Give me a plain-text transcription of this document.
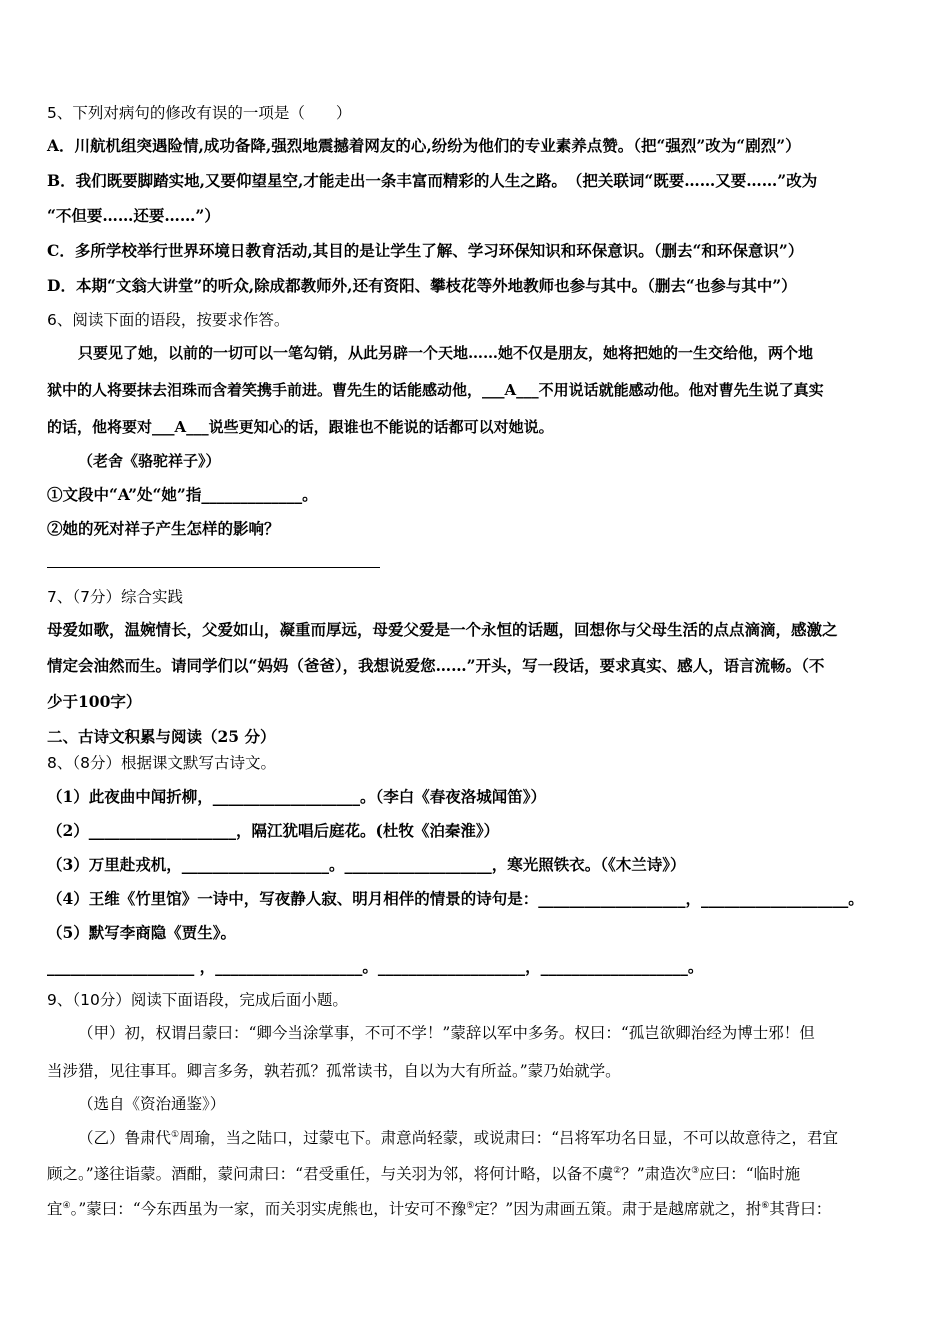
5、下列对病句的修改有误的一项是（　　）
A．川航机组突遇险情,成功备降,强烈地震撼着网友的心,纷纷为他们的专业素养点赞。（把“强烈”改为“剧烈”）
B．我们既要脚踏实地,又要仰望星空,才能走出一条丰富而精彩的人生之路。　（把关联词“既要……又要……”改为
“不但要……还要……”）
C．多所学校举行世界环境日教育活动,其目的是让学生了解、学习环保知识和环保意识。（删去“和环保意识”）
D．本期“文翁大讲堂”的听众,除成都教师外,还有资阳、攀枝花等外地教师也参与其中。（删去“也参与其中”）
6、阅读下面的语段，按要求作答。
只要见了她，以前的一切可以一笔勾销，从此另辟一个天地……她不仅是朋友，她将把她的一生交给他，两个地
狱中的人将要抹去泪珠而含着笑携手前进。曹先生的话能感动他，___A___不用说话就能感动他。他对曹先生说了真实
的话，他将要对___A___说些更知心的话，跟谁也不能说的话都可以对她说。
（老舍《骆驼祥子》）
①文段中“A”处“她”指_____________。
②她的死对祥子产生怎样的影响？
7、（7分）综合实践
母爱如歌，温婉情长，父爱如山，凝重而厚远，母爱父爱是一个永恒的话题，回想你与父母生活的点点滴滴，感激之
情定会油然而生。请同学们以“妈妈（爸爸），我想说爱您……”开头，写一段话，要求真实、感人，语言流畅。（不
少于100字）
二、古诗文积累与阅读（25 分）
8、（8分）根据课文默写古诗文。
（1）此夜曲中闻折柳，___________________。（李白《春夜洛城闻笛》）
（2）___________________，隔江犹唱后庭花。(杜牧《泊秦淮》）
（3）万里赴戎机，___________________。___________________，寒光照铁衣。（《木兰诗》）
（4）王维《竹里馆》一诗中，写夜静人寂、明月相伴的情景的诗句是：___________________，___________________。
（5）默写李商隐《贾生》。
___________________ ，___________________。___________________，___________________。
9、（10分）阅读下面语段，完成后面小题。
（甲）初，权谓吕蒙曰：“卿今当涂掌事，不可不学！”蒙辞以军中多务。权曰：“孤岂欲卿治经为博士邪！但
当涉猎，见往事耳。卿言多务，孰若孤？孤常读书，自以为大有所益。”蒙乃始就学。
（选自《资治通鉴》）
（乙）鲁肃代①周瑜，当之陆口，过蒙屯下。肃意尚轻蒙，或说肃曰：“吕将军功名日显，不可以故意待之，君宜
顾之。”遂往诣蒙。酒酣，蒙问肃曰：“君受重任，与关羽为邻，将何计略，以备不虞②？”肃造次③应曰：“临时施
宜④。”蒙曰：“今东西虽为一家，而关羽实虎熊也，计安可不豫⑤定？”因为肃画五策。肃于是越席就之，拊⑥其背曰：
